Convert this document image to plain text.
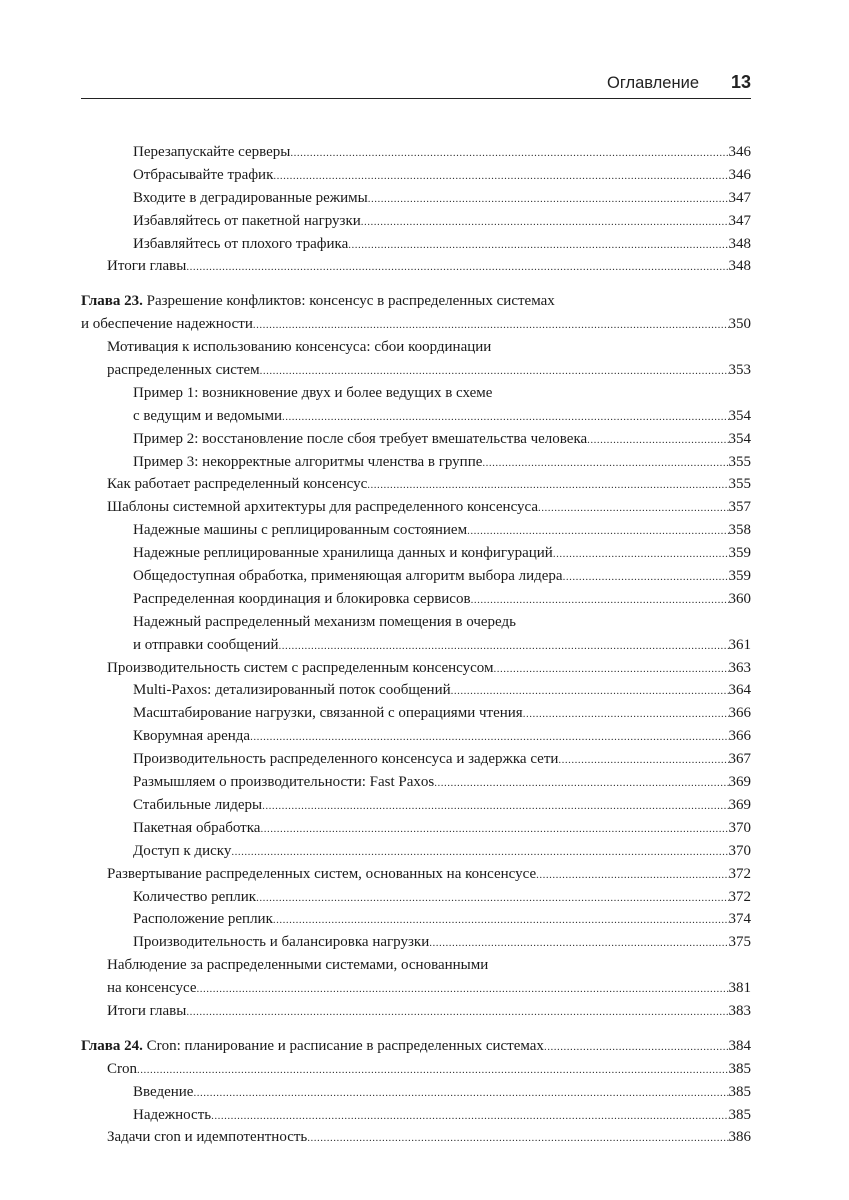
Оглавление 13
Перезапускайте серверы .....	346
Отбрасывайте трафик .....	346
Входите в деградированные режимы .....	347
Избавляйтесь от пакетной нагрузки .....	347
Избавляйтесь от плохого трафика .....	348
Итоги главы .....	348
Глава 23. Разрешение конфликтов: консенсус в распределенных системах
и обеспечение надежности .....	350
Мотивация к использованию консенсуса: сбои координации
распределенных систем .....	353
Пример 1: возникновение двух и более ведущих в схеме
с ведущим и ведомыми .....	354
Пример 2: восстановление после сбоя требует вмешательства человека .....	354
Пример 3: некорректные алгоритмы членства в группе .....	355
Как работает распределенный консенсус .....	355
Шаблоны системной архитектуры для распределенного консенсуса .....	357
Надежные машины с реплицированным состоянием .....	358
Надежные реплицированные хранилища данных и конфигураций .....	359
Общедоступная обработка, применяющая алгоритм выбора лидера .....	359
Распределенная координация и блокировка сервисов .....	360
Надежный распределенный механизм помещения в очередь
и отправки сообщений .....	361
Производительность систем с распределенным консенсусом .....	363
Multi-Paxos: детализированный поток сообщений .....	364
Масштабирование нагрузки, связанной с операциями чтения .....	366
Кворумная аренда .....	366
Производительность распределенного консенсуса и задержка сети .....	367
Размышляем о производительности: Fast Paxos .....	369
Стабильные лидеры .....	369
Пакетная обработка .....	370
Доступ к диску .....	370
Развертывание распределенных систем, основанных на консенсусе .....	372
Количество реплик .....	372
Расположение реплик .....	374
Производительность и балансировка нагрузки .....	375
Наблюдение за распределенными системами, основанными
на консенсусе .....	381
Итоги главы .....	383
Глава 24. Cron: планирование и расписание в распределенных системах .....	384
Cron .....	385
Введение .....	385
Надежность .....	385
Задачи cron и идемпотентность .....	386
